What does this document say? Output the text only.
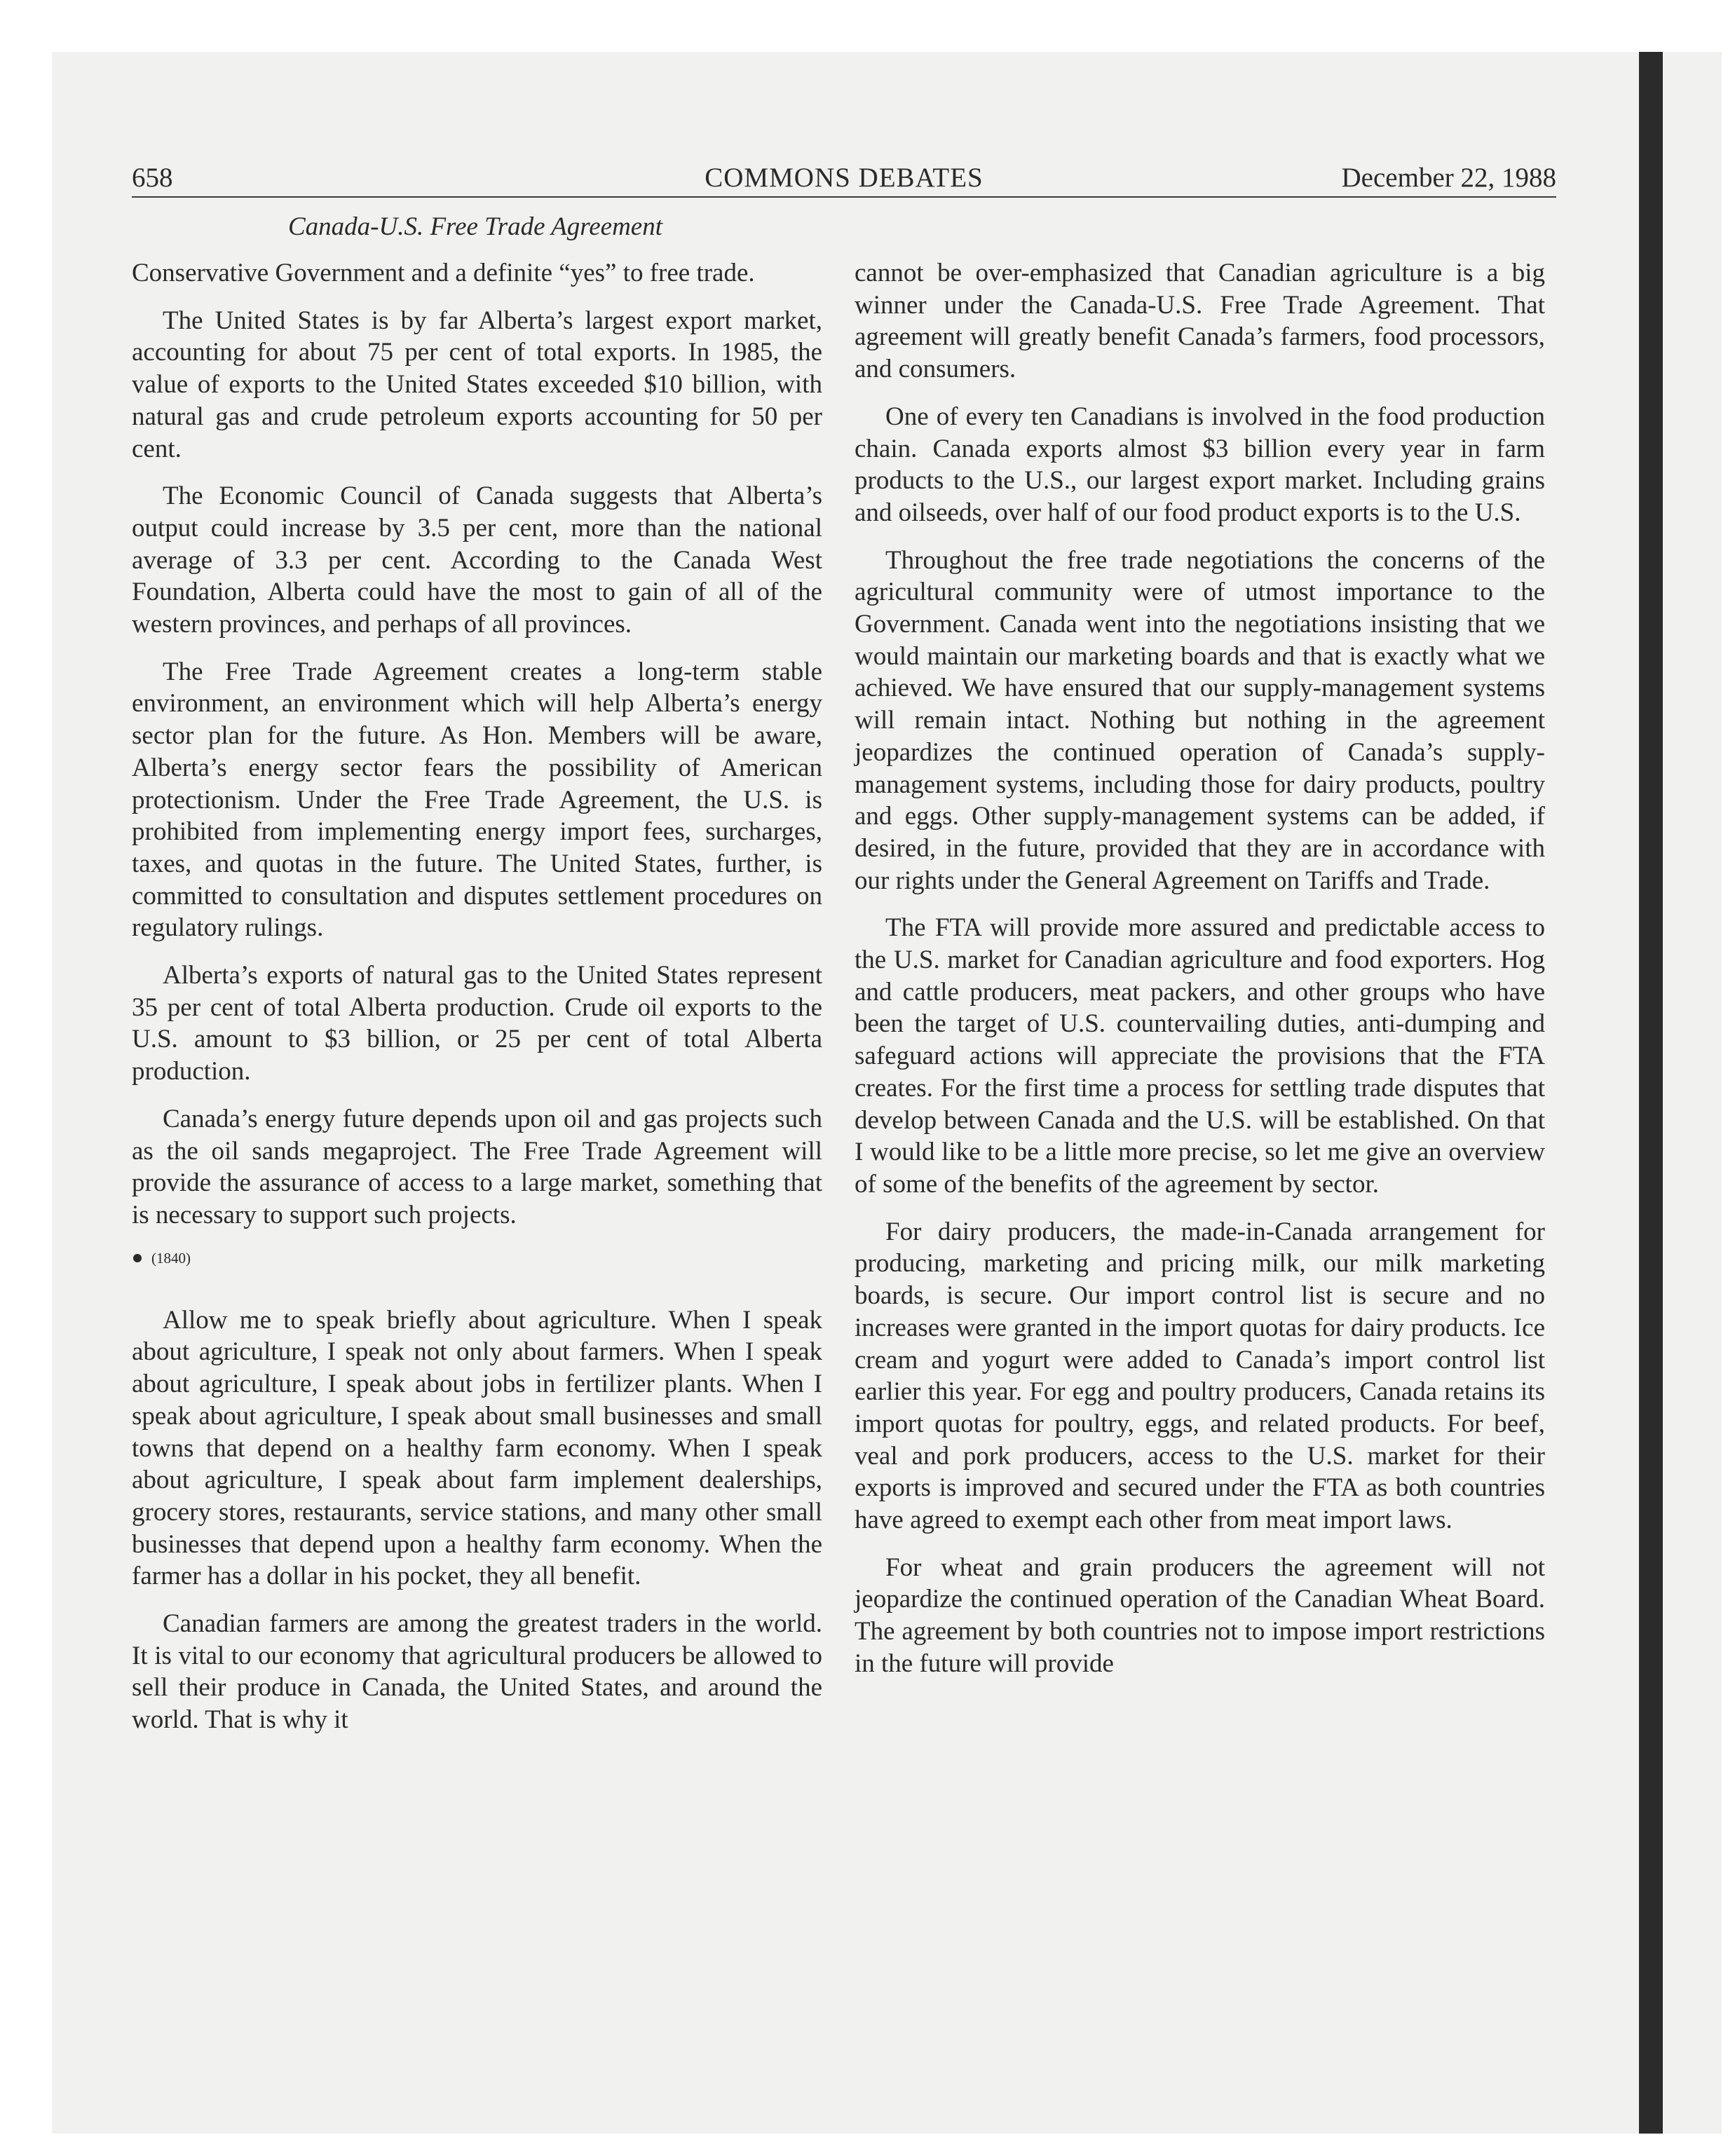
658	COMMONS DEBATES	December 22, 1988
Canada-U.S. Free Trade Agreement

Conservative Government and a definite “yes” to free trade.

The United States is by far Alberta’s largest export market, accounting for about 75 per cent of total exports. In 1985, the value of exports to the United States exceeded $10 billion, with natural gas and crude petroleum exports accounting for 50 per cent.

The Economic Council of Canada suggests that Alberta’s output could increase by 3.5 per cent, more than the national average of 3.3 per cent. According to the Canada West Foundation, Alberta could have the most to gain of all of the western provinces, and perhaps of all provinces.

The Free Trade Agreement creates a long-term stable environment, an environment which will help Alberta’s energy sector plan for the future. As Hon. Members will be aware, Alberta’s energy sector fears the possibility of American protectionism. Under the Free Trade Agreement, the U.S. is prohibited from implementing energy import fees, surcharges, taxes, and quotas in the future. The United States, further, is committed to consultation and disputes settlement procedures on regulatory rulings.

Alberta’s exports of natural gas to the United States represent 35 per cent of total Alberta production. Crude oil exports to the U.S. amount to $3 billion, or 25 per cent of total Alberta production.

Canada’s energy future depends upon oil and gas projects such as the oil sands megaproject. The Free Trade Agreement will provide the assurance of access to a large market, something that is necessary to support such projects.

(1840)

Allow me to speak briefly about agriculture. When I speak about agriculture, I speak not only about farmers. When I speak about agriculture, I speak about jobs in fertilizer plants. When I speak about agriculture, I speak about small businesses and small towns that depend on a healthy farm economy. When I speak about agriculture, I speak about farm implement dealerships, grocery stores, restaurants, service stations, and many other small businesses that depend upon a healthy farm economy. When the farmer has a dollar in his pocket, they all benefit.

Canadian farmers are among the greatest traders in the world. It is vital to our economy that agricultural producers be allowed to sell their produce in Canada, the United States, and around the world. That is why it

cannot be over-emphasized that Canadian agriculture is a big winner under the Canada-U.S. Free Trade Agreement. That agreement will greatly benefit Canada’s farmers, food processors, and consumers.

One of every ten Canadians is involved in the food production chain. Canada exports almost $3 billion every year in farm products to the U.S., our largest export market. Including grains and oilseeds, over half of our food product exports is to the U.S.

Throughout the free trade negotiations the concerns of the agricultural community were of utmost importance to the Government. Canada went into the negotiations insisting that we would maintain our marketing boards and that is exactly what we achieved. We have ensured that our supply-management systems will remain intact. Nothing but nothing in the agreement jeopardizes the continued operation of Canada’s supply-management systems, including those for dairy products, poultry and eggs. Other supply-management systems can be added, if desired, in the future, provided that they are in accordance with our rights under the General Agreement on Tariffs and Trade.

The FTA will provide more assured and predictable access to the U.S. market for Canadian agriculture and food exporters. Hog and cattle producers, meat packers, and other groups who have been the target of U.S. countervailing duties, anti-dumping and safeguard actions will appreciate the provisions that the FTA creates. For the first time a process for settling trade disputes that develop between Canada and the U.S. will be established. On that I would like to be a little more precise, so let me give an overview of some of the benefits of the agreement by sector.

For dairy producers, the made-in-Canada arrangement for producing, marketing and pricing milk, our milk marketing boards, is secure. Our import control list is secure and no increases were granted in the import quotas for dairy products. Ice cream and yogurt were added to Canada’s import control list earlier this year. For egg and poultry producers, Canada retains its import quotas for poultry, eggs, and related products. For beef, veal and pork producers, access to the U.S. market for their exports is improved and secured under the FTA as both countries have agreed to exempt each other from meat import laws.

For wheat and grain producers the agreement will not jeopardize the continued operation of the Canadian Wheat Board. The agreement by both countries not to impose import restrictions in the future will provide
